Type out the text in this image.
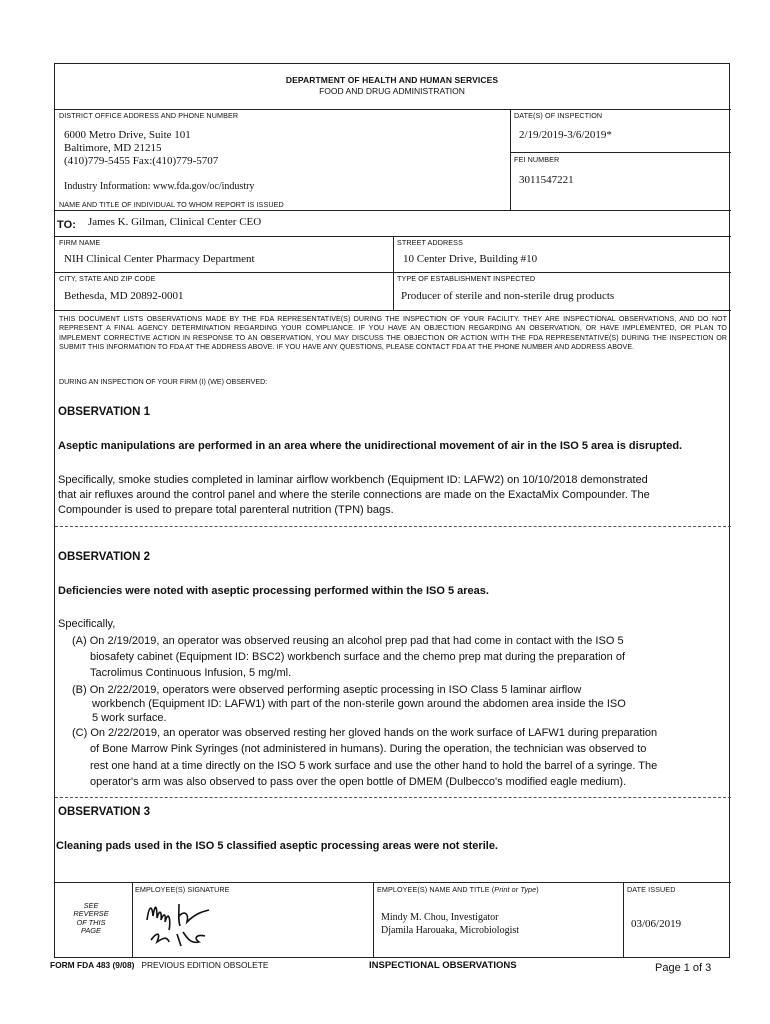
DEPARTMENT OF HEALTH AND HUMAN SERVICES
FOOD AND DRUG ADMINISTRATION
DISTRICT OFFICE ADDRESS AND PHONE NUMBER
6000 Metro Drive, Suite 101
Baltimore, MD 21215
(410)779-5455 Fax:(410)779-5707
Industry Information: www.fda.gov/oc/industry
DATE(S) OF INSPECTION
2/19/2019-3/6/2019*
FEI NUMBER
3011547221
NAME AND TITLE OF INDIVIDUAL TO WHOM REPORT IS ISSUED
TO: James K. Gilman, Clinical Center CEO
FIRM NAME
NIH Clinical Center Pharmacy Department
STREET ADDRESS
10 Center Drive, Building #10
CITY, STATE AND ZIP CODE
Bethesda, MD 20892-0001
TYPE OF ESTABLISHMENT INSPECTED
Producer of sterile and non-sterile drug products
THIS DOCUMENT LISTS OBSERVATIONS MADE BY THE FDA REPRESENTATIVE(S) DURING THE INSPECTION OF YOUR FACILITY. THEY ARE INSPECTIONAL OBSERVATIONS, AND DO NOT REPRESENT A FINAL AGENCY DETERMINATION REGARDING YOUR COMPLIANCE. IF YOU HAVE AN OBJECTION REGARDING AN OBSERVATION, OR HAVE IMPLEMENTED, OR PLAN TO IMPLEMENT CORRECTIVE ACTION IN RESPONSE TO AN OBSERVATION, YOU MAY DISCUSS THE OBJECTION OR ACTION WITH THE FDA REPRESENTATIVE(S) DURING THE INSPECTION OR SUBMIT THIS INFORMATION TO FDA AT THE ADDRESS ABOVE. IF YOU HAVE ANY QUESTIONS, PLEASE CONTACT FDA AT THE PHONE NUMBER AND ADDRESS ABOVE.
DURING AN INSPECTION OF YOUR FIRM (I) (WE) OBSERVED:
OBSERVATION 1
Aseptic manipulations are performed in an area where the unidirectional movement of air in the ISO 5 area is disrupted.
Specifically, smoke studies completed in laminar airflow workbench (Equipment ID: LAFW2) on 10/10/2018 demonstrated
that air refluxes around the control panel and where the sterile connections are made on the ExactaMix Compounder. The
Compounder is used to prepare total parenteral nutrition (TPN) bags.
OBSERVATION 2
Deficiencies were noted with aseptic processing performed within the ISO 5 areas.
Specifically,
(A) On 2/19/2019, an operator was observed reusing an alcohol prep pad that had come in contact with the ISO 5
biosafety cabinet (Equipment ID: BSC2) workbench surface and the chemo prep mat during the preparation of
Tacrolimus Continuous Infusion, 5 mg/ml.
(B) On 2/22/2019, operators were observed performing aseptic processing in ISO Class 5 laminar airflow
workbench (Equipment ID: LAFW1) with part of the non-sterile gown around the abdomen area inside the ISO
5 work surface.
(C) On 2/22/2019, an operator was observed resting her gloved hands on the work surface of LAFW1 during preparation
of Bone Marrow Pink Syringes (not administered in humans). During the operation, the technician was observed to
rest one hand at a time directly on the ISO 5 work surface and use the other hand to hold the barrel of a syringe. The
operator's arm was also observed to pass over the open bottle of DMEM (Dulbecco's modified eagle medium).
OBSERVATION 3
Cleaning pads used in the ISO 5 classified aseptic processing areas were not sterile.
SEE
REVERSE
OF THIS
PAGE
EMPLOYEE(S) SIGNATURE	EMPLOYEE(S) NAME AND TITLE (Print or Type)
Mindy M. Chou, Investigator
Djamila Harouaka, Microbiologist
DATE ISSUED
03/06/2019
FORM FDA 483 (9/08) PREVIOUS EDITION OBSOLETE	INSPECTIONAL OBSERVATIONS	Page 1 of 3
